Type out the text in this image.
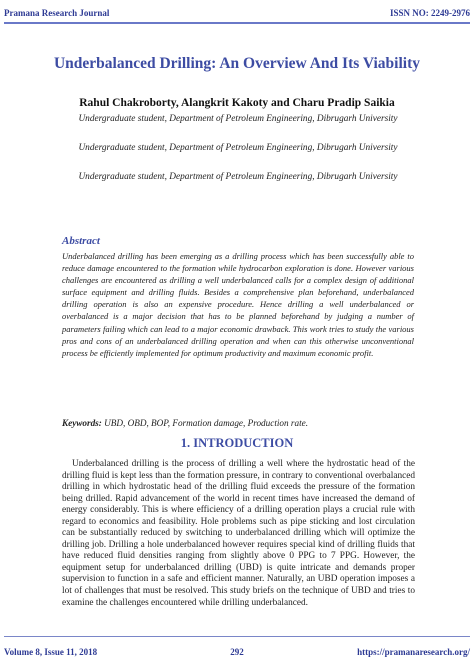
Pramana Research Journal	ISSN NO: 2249-2976
Underbalanced Drilling: An Overview And Its Viability
Rahul Chakroborty, Alangkrit Kakoty and Charu Pradip Saikia
Undergraduate student, Department of Petroleum Engineering, Dibrugarh University
Undergraduate student, Department of Petroleum Engineering, Dibrugarh University
Undergraduate student, Department of Petroleum Engineering, Dibrugarh University
Abstract

Underbalanced drilling has been emerging as a drilling process which has been successfully able to reduce damage encountered to the formation while hydrocarbon exploration is done. However various challenges are encountered as drilling a well underbalanced calls for a complex design of additional surface equipment and drilling fluids. Besides a comprehensive plan beforehand, underbalanced drilling operation is also an expensive procedure. Hence drilling a well underbalanced or overbalanced is a major decision that has to be planned beforehand by judging a number of parameters failing which can lead to a major economic drawback. This work tries to study the various pros and cons of an underbalanced drilling operation and when can this otherwise unconventional process be efficiently implemented for optimum productivity and maximum economic profit.

Keywords: UBD, OBD, BOP, Formation damage, Production rate.
1. INTRODUCTION

Underbalanced drilling is the process of drilling a well where the hydrostatic head of the drilling fluid is kept less than the formation pressure, in contrary to conventional overbalanced drilling in which hydrostatic head of the drilling fluid exceeds the pressure of the formation being drilled. Rapid advancement of the world in recent times have increased the demand of energy considerably. This is where efficiency of a drilling operation plays a crucial rule with regard to economics and feasibility. Hole problems such as pipe sticking and lost circulation can be substantially reduced by switching to underbalanced drilling which will optimize the drilling job. Drilling a hole underbalanced however requires special kind of drilling fluids that have reduced fluid densities ranging from slightly above 0 PPG to 7 PPG. However, the equipment setup for underbalanced drilling (UBD) is quite intricate and demands proper supervision to function in a safe and efficient manner. Naturally, an UBD operation imposes a lot of challenges that must be resolved. This study briefs on the technique of UBD and tries to examine the challenges encountered while drilling underbalanced.

Volume 8, Issue 11, 2018	292	https://pramanaresearch.org/
